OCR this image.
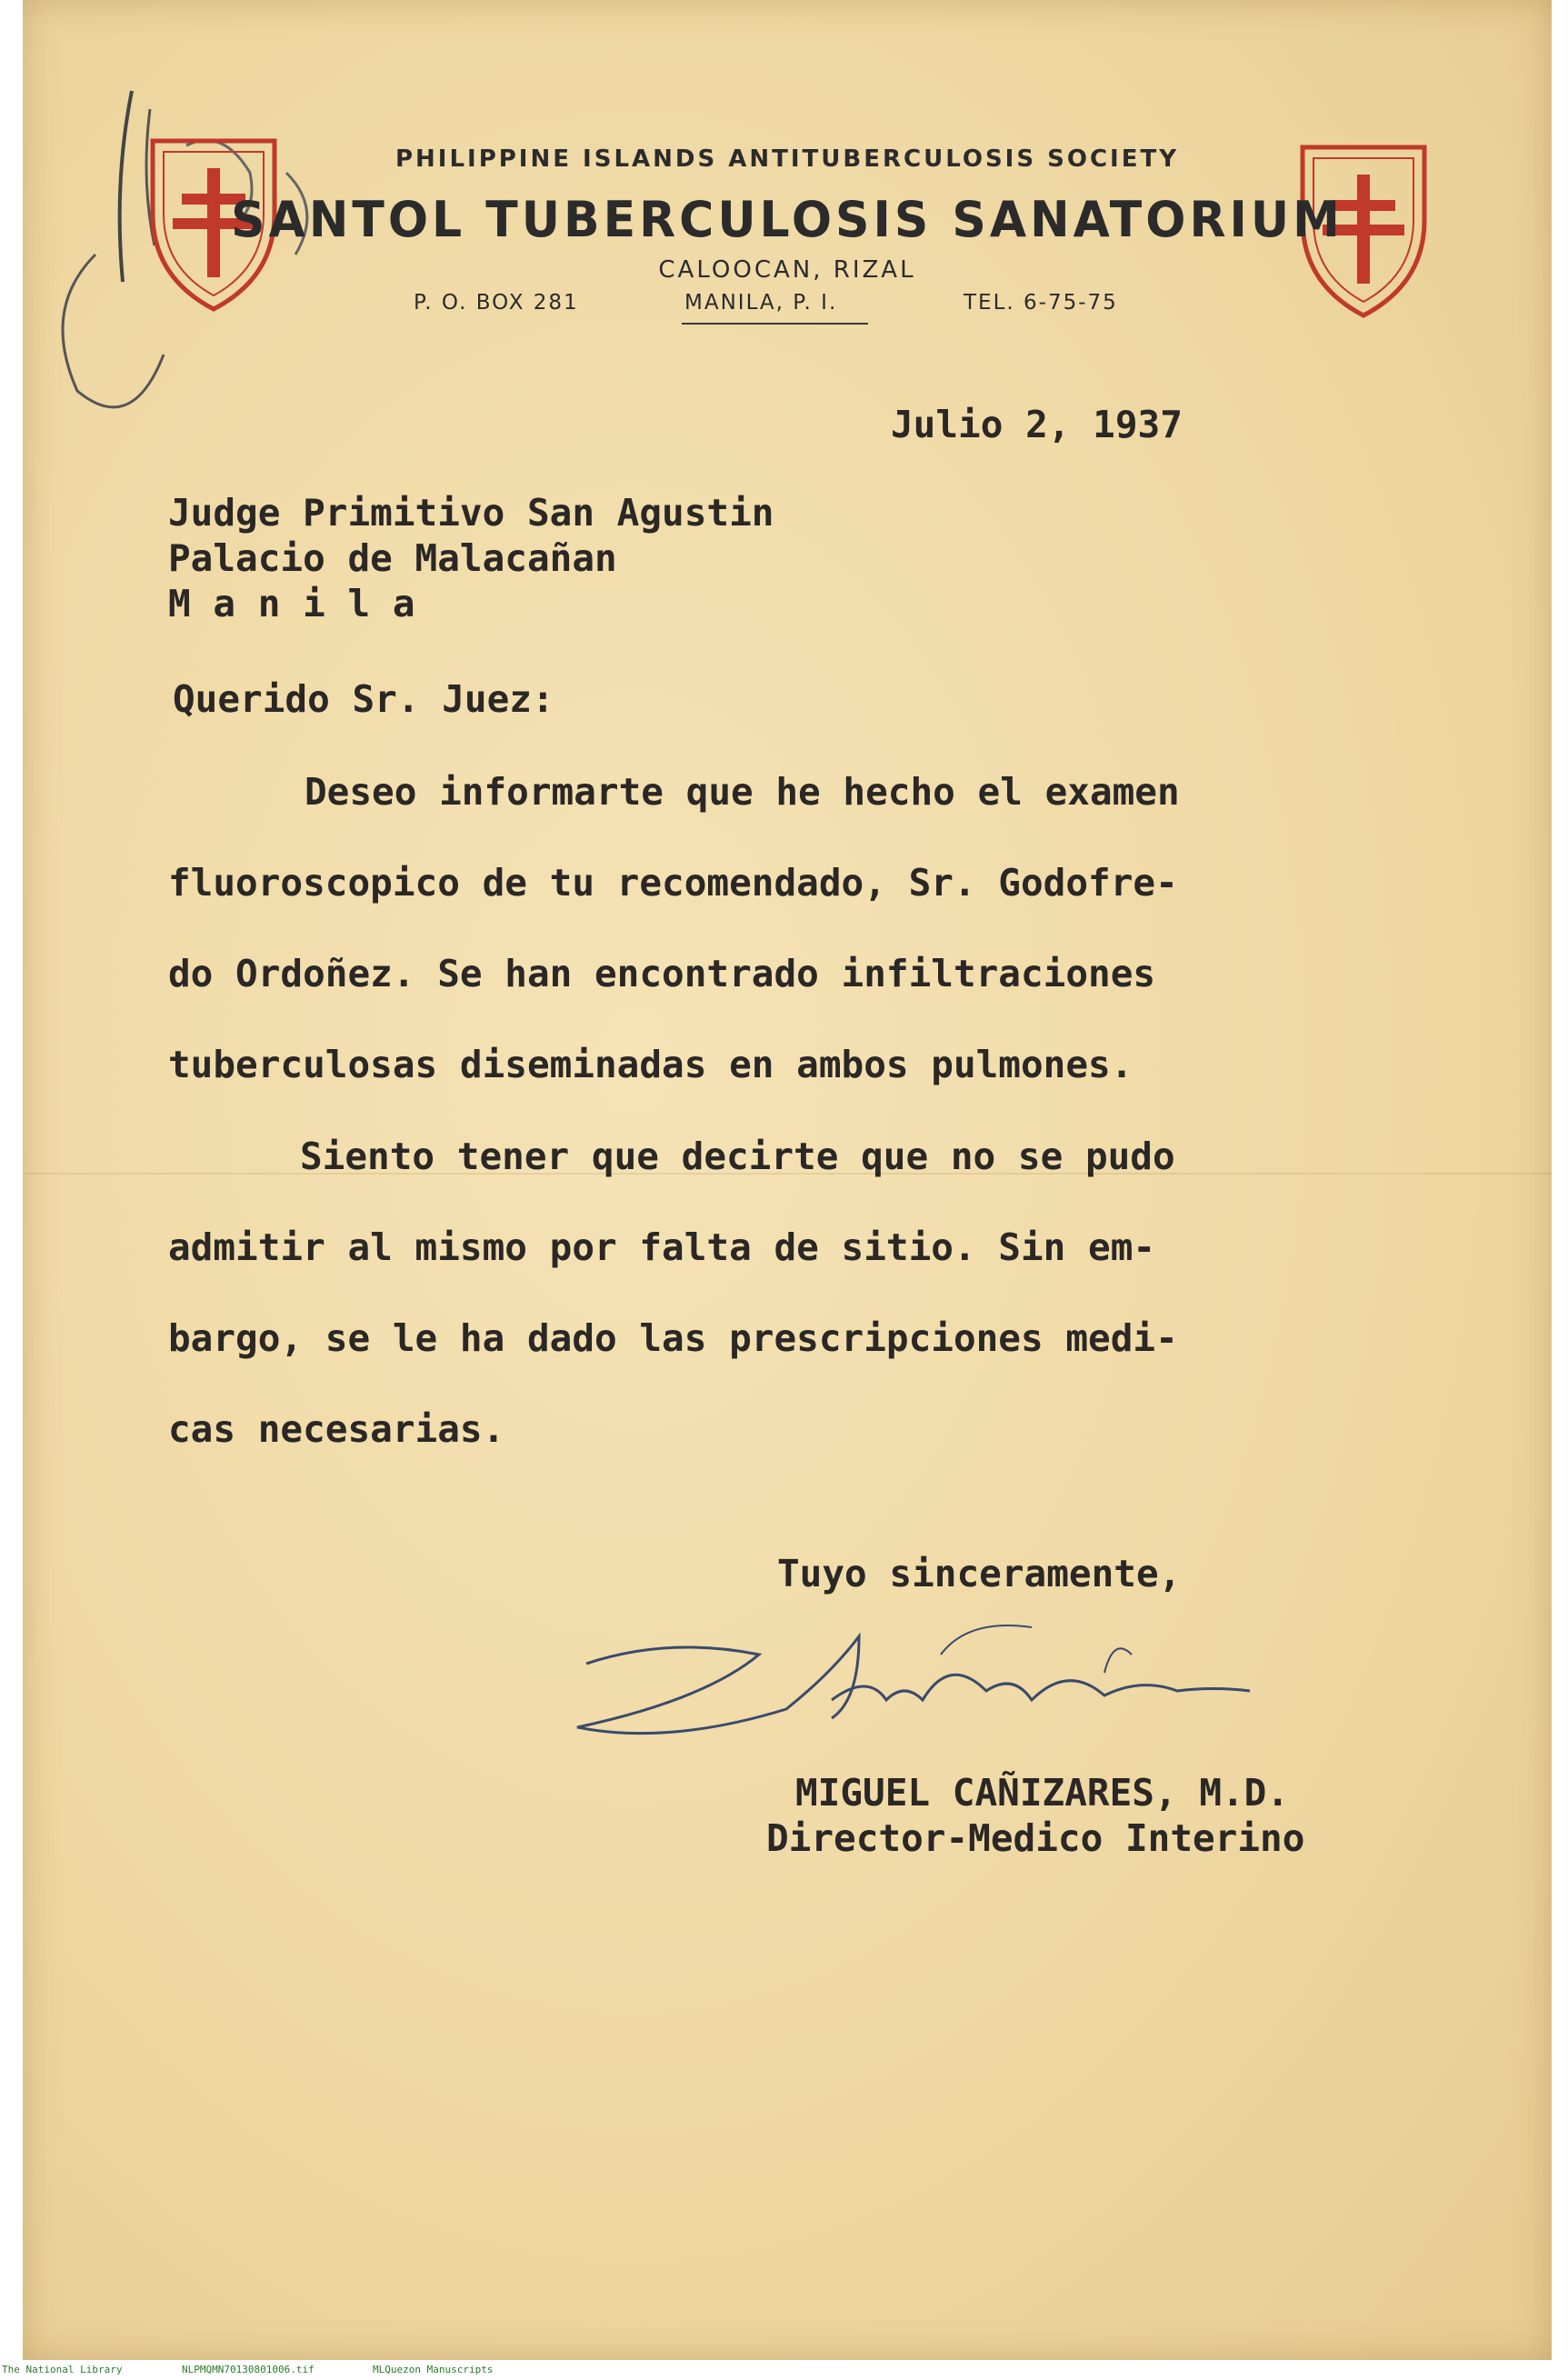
PHILIPPINE ISLANDS ANTITUBERCULOSIS SOCIETY
SANTOL TUBERCULOSIS SANATORIUM
CALOOCAN, RIZAL
P. O. BOX 281	MANILA, P. I.	TEL. 6-75-75
Julio 2, 1937
Judge Primitivo San Agustin
Palacio de Malacañan
M a n i l a
Querido Sr. Juez:
Deseo informarte que he hecho el examen
fluoroscopico de tu recomendado, Sr. Godofre-
do Ordoñez. Se han encontrado infiltraciones
tuberculosas diseminadas en ambos pulmones.
Siento tener que decirte que no se pudo
admitir al mismo por falta de sitio. Sin em-
bargo, se le ha dado las prescripciones medi-
cas necesarias.
Tuyo sinceramente,
MIGUEL CAÑIZARES, M.D.
Director-Medico Interino
The National Library	NLPMQMN70130801006.tif	MLQuezon Manuscripts
